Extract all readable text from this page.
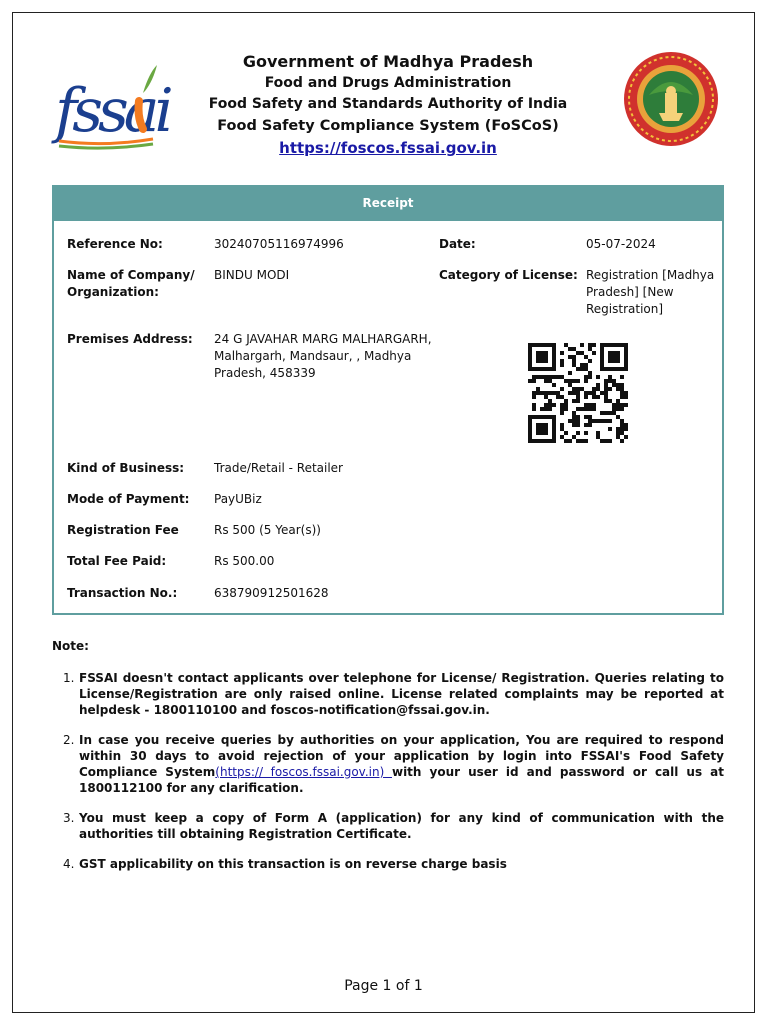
fssai
Government of Madhya Pradesh
Food and Drugs Administration
Food Safety and Standards Authority of India
Food Safety Compliance System (FoSCoS)
https://foscos.fssai.gov.in
Receipt
Reference No:	30240705116974996	Date:	05-07-2024
Name of Company/
Organization:
BINDU MODI	Category of License: Registration [Madhya
Pradesh] [New
Registration]
Premises Address: 24 G JAVAHAR MARG MALHARGARH,
Malhargarh, Mandsaur, , Madhya
Pradesh, 458339
Kind of Business: Trade/Retail - Retailer
Mode of Payment: PayUBiz
Registration Fee	Rs 500 (5 Year(s))
Total Fee Paid:	Rs 500.00
Transaction No.:	638790912501628
Note:
1. FSSAI doesn't contact applicants over telephone for License/ Registration. Queries relating to License/Registration are only raised online. License related complaints may be reported at helpdesk - 1800110100 and foscos-notification@fssai.gov.in.
2. In case you receive queries by authorities on your application, You are required to respond within 30 days to avoid rejection of your application by login into FSSAI's Food Safety Compliance System(https:// foscos.fssai.gov.in) with your user id and password or call us at 1800112100 for any clarification.
3. You must keep a copy of Form A (application) for any kind of communication with the authorities till obtaining Registration Certificate.
4. GST applicability on this transaction is on reverse charge basis
Page 1 of 1
